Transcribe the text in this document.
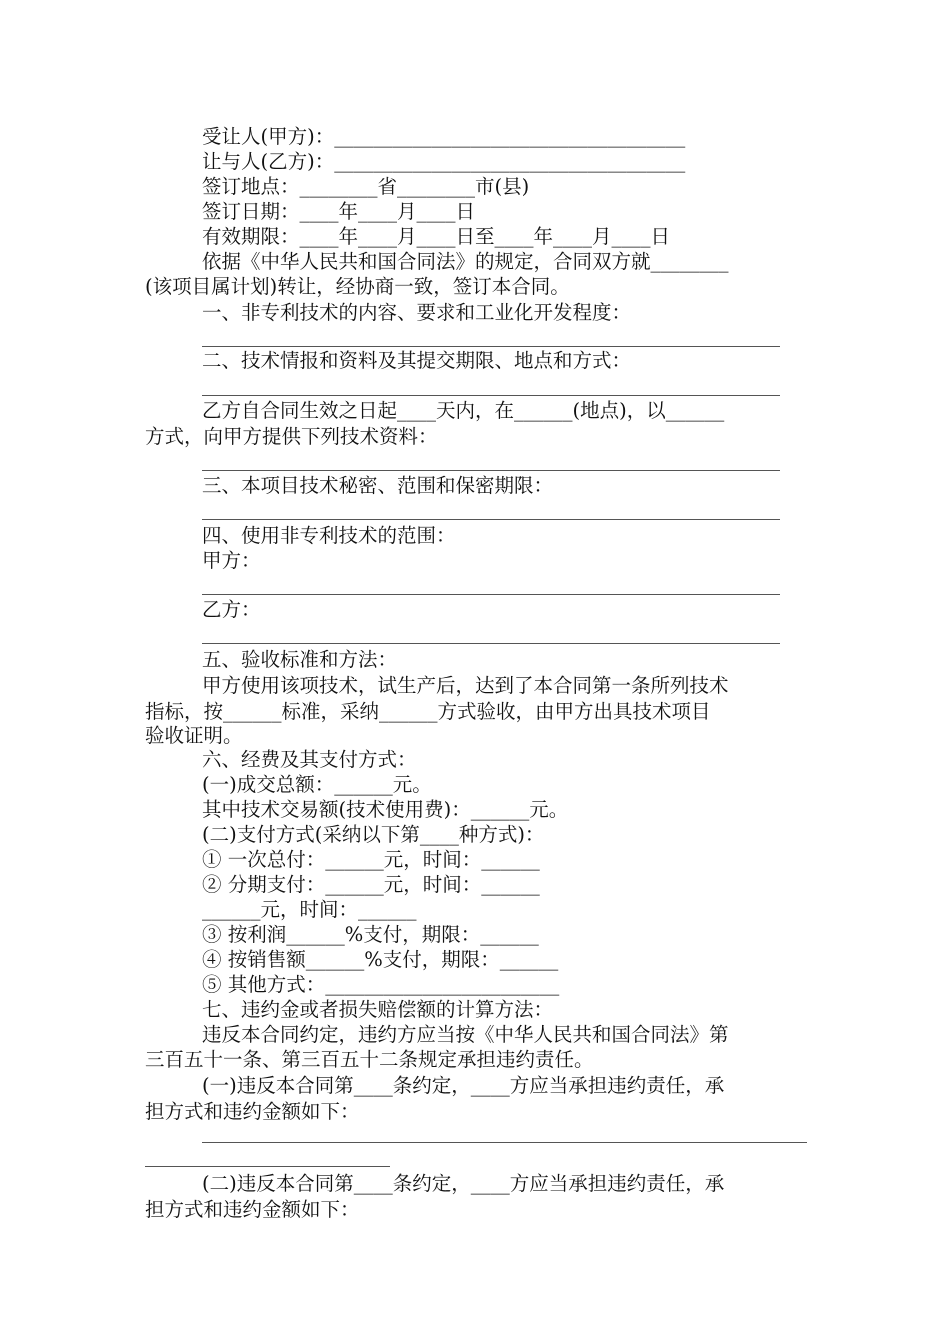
受让人(甲方)：____________________________________
让与人(乙方)：____________________________________
签订地点：________省________市(县)
签订日期：____年____月____日
有效期限：____年____月____日至____年____月____日
依据《中华人民共和国合同法》的规定，合同双方就________
(该项目属计划)转让，经协商一致，签订本合同。
一、非专利技术的内容、要求和工业化开发程度：
二、技术情报和资料及其提交期限、地点和方式：
乙方自合同生效之日起____天内，在______(地点)，以______
方式，向甲方提供下列技术资料：
三、本项目技术秘密、范围和保密期限：
四、使用非专利技术的范围：
甲方：
乙方：
五、验收标准和方法：
甲方使用该项技术，试生产后，达到了本合同第一条所列技术
指标，按______标准，采纳______方式验收，由甲方出具技术项目
验收证明。
六、经费及其支付方式：
(一)成交总额：______元。
其中技术交易额(技术使用费)：______元。
(二)支付方式(采纳以下第____种方式)：
① 一次总付：______元，时间：______
② 分期支付：______元，时间：______
______元，时间：______
③ 按利润______%支付，期限：______
④ 按销售额______%支付，期限：______
⑤ 其他方式：________________________
七、违约金或者损失赔偿额的计算方法：
违反本合同约定，违约方应当按《中华人民共和国合同法》第
三百五十一条、第三百五十二条规定承担违约责任。
(一)违反本合同第____条约定，____方应当承担违约责任，承
担方式和违约金额如下：
(二)违反本合同第____条约定，____方应当承担违约责任，承
担方式和违约金额如下：
